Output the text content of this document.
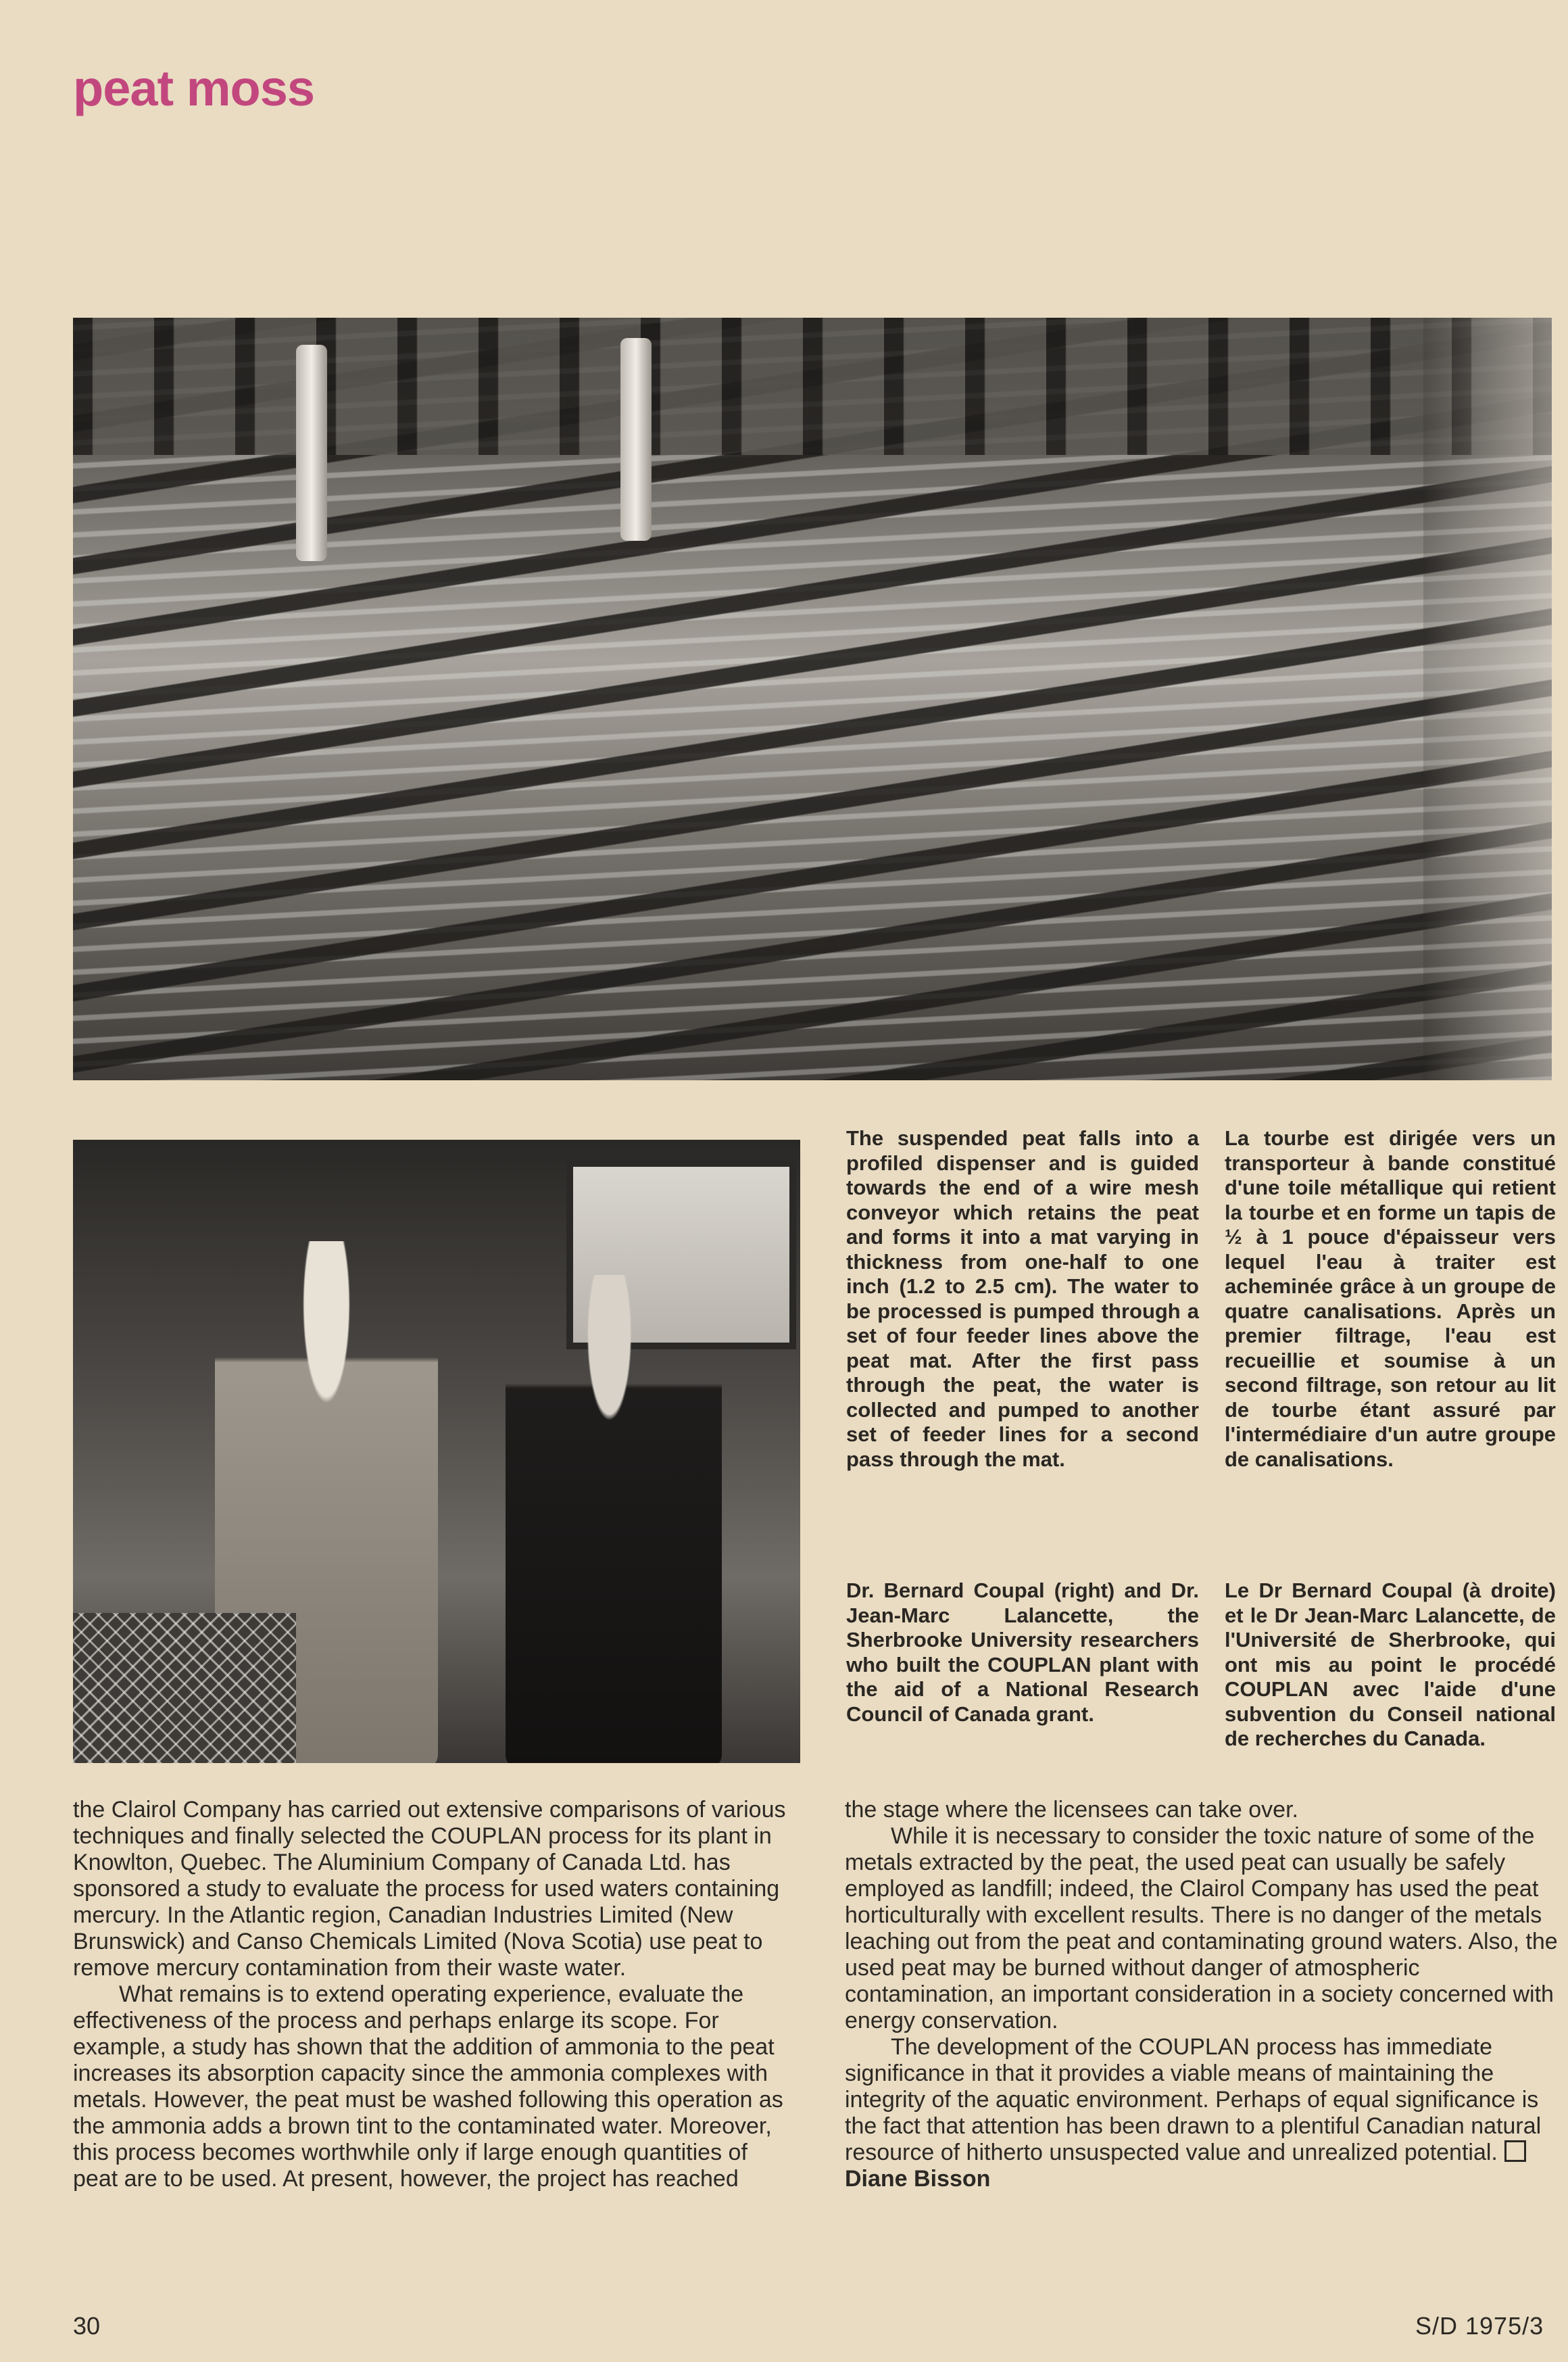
peat moss

The suspended peat falls into a profiled dispenser and is guided towards the end of a wire mesh conveyor which retains the peat and forms it into a mat varying in thickness from one-half to one inch (1.2 to 2.5 cm). The water to be processed is pumped through a set of four feeder lines above the peat mat. After the first pass through the peat, the water is collected and pumped to another set of feeder lines for a second pass through the mat.

La tourbe est dirigée vers un transporteur à bande constitué d'une toile métallique qui retient la tourbe et en forme un tapis de ½ à 1 pouce d'épaisseur vers lequel l'eau à traiter est acheminée grâce à un groupe de quatre canalisations. Après un premier filtrage, l'eau est recueillie et soumise à un second filtrage, son retour au lit de tourbe étant assuré par l'intermédiaire d'un autre groupe de canalisations.

Dr. Bernard Coupal (right) and Dr. Jean-Marc Lalancette, the Sherbrooke University researchers who built the COUPLAN plant with the aid of a National Research Council of Canada grant.

Le Dr Bernard Coupal (à droite) et le Dr Jean-Marc Lalancette, de l'Université de Sherbrooke, qui ont mis au point le procédé COUPLAN avec l'aide d'une subvention du Conseil national de recherches du Canada.

the Clairol Company has carried out extensive comparisons of various techniques and finally selected the COUPLAN process for its plant in Knowlton, Quebec. The Aluminium Company of Canada Ltd. has sponsored a study to evaluate the process for used waters containing mercury. In the Atlantic region, Canadian Industries Limited (New Brunswick) and Canso Chemicals Limited (Nova Scotia) use peat to remove mercury contamination from their waste water.

What remains is to extend operating experience, evaluate the effectiveness of the process and perhaps enlarge its scope. For example, a study has shown that the addition of ammonia to the peat increases its absorption capacity since the ammonia complexes with metals. However, the peat must be washed following this operation as the ammonia adds a brown tint to the contaminated water. Moreover, this process becomes worthwhile only if large enough quantities of peat are to be used. At present, however, the project has reached

the stage where the licensees can take over.

While it is necessary to consider the toxic nature of some of the metals extracted by the peat, the used peat can usually be safely employed as landfill; indeed, the Clairol Company has used the peat horticulturally with excellent results. There is no danger of the metals leaching out from the peat and contaminating ground waters. Also, the used peat may be burned without danger of atmospheric contamination, an important consideration in a society concerned with energy conservation.

The development of the COUPLAN process has immediate significance in that it provides a viable means of maintaining the integrity of the aquatic environment. Perhaps of equal significance is the fact that attention has been drawn to a plentiful Canadian natural resource of hitherto unsuspected value and unrealized potential.

Diane Bisson
30	S/D 1975/3
